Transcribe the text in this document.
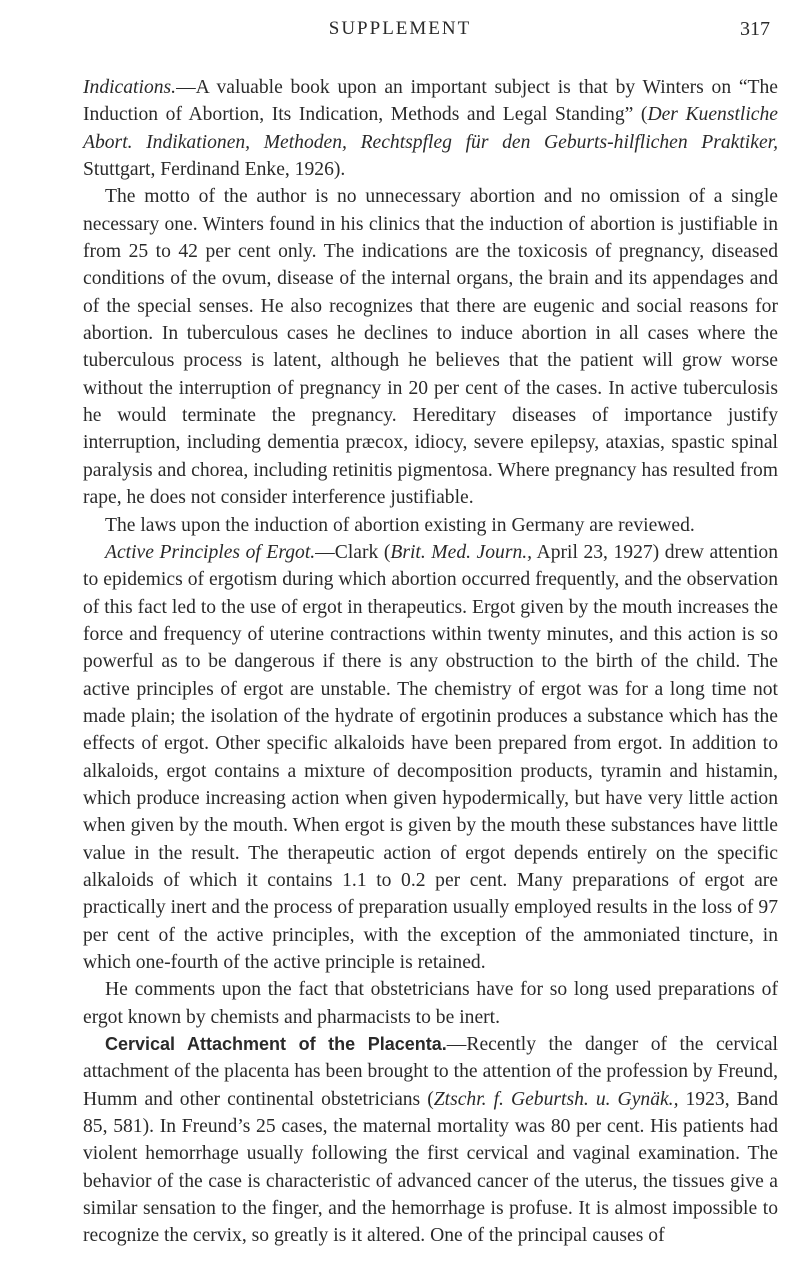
SUPPLEMENT	317

Indications.—A valuable book upon an important subject is that by Winters on “The Induction of Abortion, Its Indication, Methods and Legal Standing” (Der Kuenstliche Abort. Indikationen, Methoden, Rechtspfleg für den Geburts-hilflichen Praktiker, Stuttgart, Ferdinand Enke, 1926).

The motto of the author is no unnecessary abortion and no omission of a single necessary one. Winters found in his clinics that the induction of abortion is justifiable in from 25 to 42 per cent only. The indications are the toxicosis of pregnancy, diseased conditions of the ovum, disease of the internal organs, the brain and its appendages and of the special senses. He also recognizes that there are eugenic and social reasons for abortion. In tuberculous cases he declines to induce abortion in all cases where the tuberculous process is latent, although he believes that the patient will grow worse without the interruption of pregnancy in 20 per cent of the cases. In active tuberculosis he would terminate the pregnancy. Hereditary diseases of importance justify interruption, including dementia præcox, idiocy, severe epilepsy, ataxias, spastic spinal paralysis and chorea, including retinitis pigmentosa. Where pregnancy has resulted from rape, he does not consider interference justifiable.

The laws upon the induction of abortion existing in Germany are reviewed.

Active Principles of Ergot.—Clark (Brit. Med. Journ., April 23, 1927) drew attention to epidemics of ergotism during which abortion occurred frequently, and the observation of this fact led to the use of ergot in therapeutics. Ergot given by the mouth increases the force and frequency of uterine contractions within twenty minutes, and this action is so powerful as to be dangerous if there is any obstruction to the birth of the child. The active principles of ergot are unstable. The chemistry of ergot was for a long time not made plain; the isolation of the hydrate of ergotinin produces a substance which has the effects of ergot. Other specific alkaloids have been prepared from ergot. In addition to alkaloids, ergot contains a mixture of decomposition products, tyramin and histamin, which produce increasing action when given hypodermically, but have very little action when given by the mouth. When ergot is given by the mouth these substances have little value in the result. The therapeutic action of ergot depends entirely on the specific alkaloids of which it contains 1.1 to 0.2 per cent. Many preparations of ergot are practically inert and the process of preparation usually employed results in the loss of 97 per cent of the active principles, with the exception of the ammoniated tincture, in which one-fourth of the active principle is retained.

He comments upon the fact that obstetricians have for so long used preparations of ergot known by chemists and pharmacists to be inert.

Cervical Attachment of the Placenta.—Recently the danger of the cervical attachment of the placenta has been brought to the attention of the profession by Freund, Humm and other continental obstetricians (Ztschr. f. Geburtsh. u. Gynäk., 1923, Band 85, 581). In Freund’s 25 cases, the maternal mortality was 80 per cent. His patients had violent hemorrhage usually following the first cervical and vaginal examination. The behavior of the case is characteristic of advanced cancer of the uterus, the tissues give a similar sensation to the finger, and the hemorrhage is profuse. It is almost impossible to recognize the cervix, so greatly is it altered. One of the principal causes of
